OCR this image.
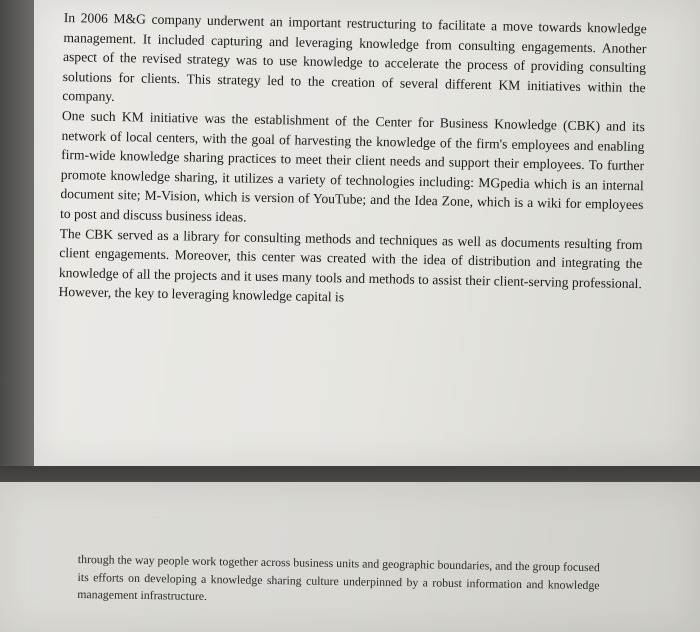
In 2006 M&G company underwent an important restructuring to facilitate a move towards knowledge management. It included capturing and leveraging knowledge from consulting engagements. Another aspect of the revised strategy was to use knowledge to accelerate the process of providing consulting solutions for clients. This strategy led to the creation of several different KM initiatives within the company.

One such KM initiative was the establishment of the Center for Business Knowledge (CBK) and its network of local centers, with the goal of harvesting the knowledge of the firm's employees and enabling firm-wide knowledge sharing practices to meet their client needs and support their employees. To further promote knowledge sharing, it utilizes a variety of technologies including: MGpedia which is an internal document site; M-Vision, which is version of YouTube; and the Idea Zone, which is a wiki for employees to post and discuss business ideas.

The CBK served as a library for consulting methods and techniques as well as documents resulting from client engagements. Moreover, this center was created with the idea of distribution and integrating the knowledge of all the projects and it uses many tools and methods to assist their client-serving professional. However, the key to leveraging knowledge capital is

through the way people work together across business units and geographic boundaries, and the group focused its efforts on developing a knowledge sharing culture underpinned by a robust information and knowledge management infrastructure.
